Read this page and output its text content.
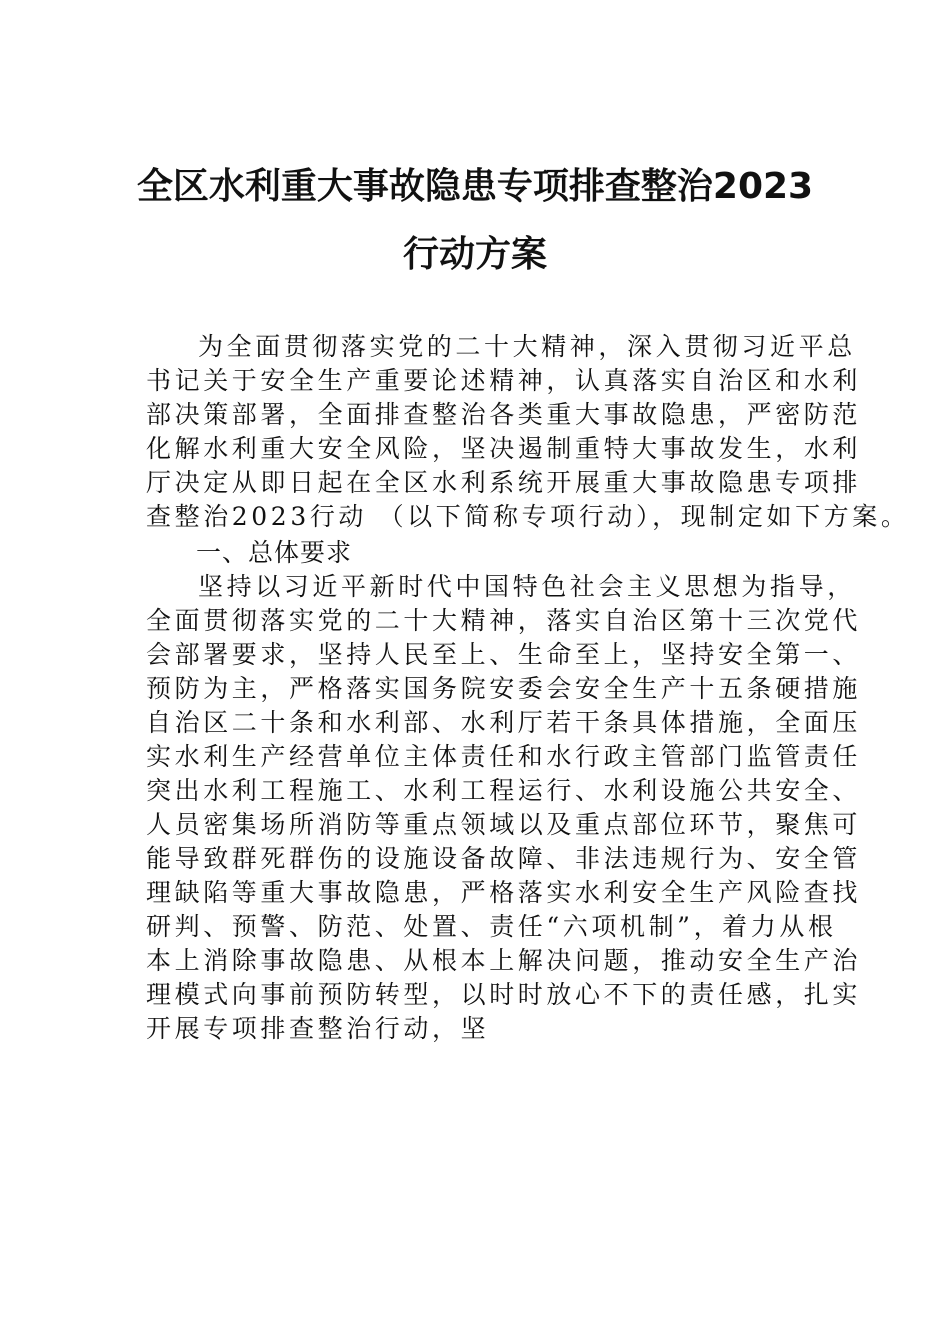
全区水利重大事故隐患专项排查整治2023
行动方案
为全面贯彻落实党的二十大精神，深入贯彻习近平总
书记关于安全生产重要论述精神，认真落实自治区和水利
部决策部署，全面排查整治各类重大事故隐患，严密防范
化解水利重大安全风险，坚决遏制重特大事故发生，水利
厅决定从即日起在全区水利系统开展重大事故隐患专项排
查整治2023行动 （以下简称专项行动），现制定如下方案。
一、总体要求
坚持以习近平新时代中国特色社会主义思想为指导，
全面贯彻落实党的二十大精神，落实自治区第十三次党代
会部署要求，坚持人民至上、生命至上，坚持安全第一、
预防为主，严格落实国务院安委会安全生产十五条硬措施
自治区二十条和水利部、水利厅若干条具体措施，全面压
实水利生产经营单位主体责任和水行政主管部门监管责任
突出水利工程施工、水利工程运行、水利设施公共安全、
人员密集场所消防等重点领域以及重点部位环节，聚焦可
能导致群死群伤的设施设备故障、非法违规行为、安全管
理缺陷等重大事故隐患，严格落实水利安全生产风险查找
研判、预警、防范、处置、责任“六项机制”，着力从根
本上消除事故隐患、从根本上解决问题，推动安全生产治
理模式向事前预防转型，以时时放心不下的责任感，扎实
开展专项排查整治行动，坚
